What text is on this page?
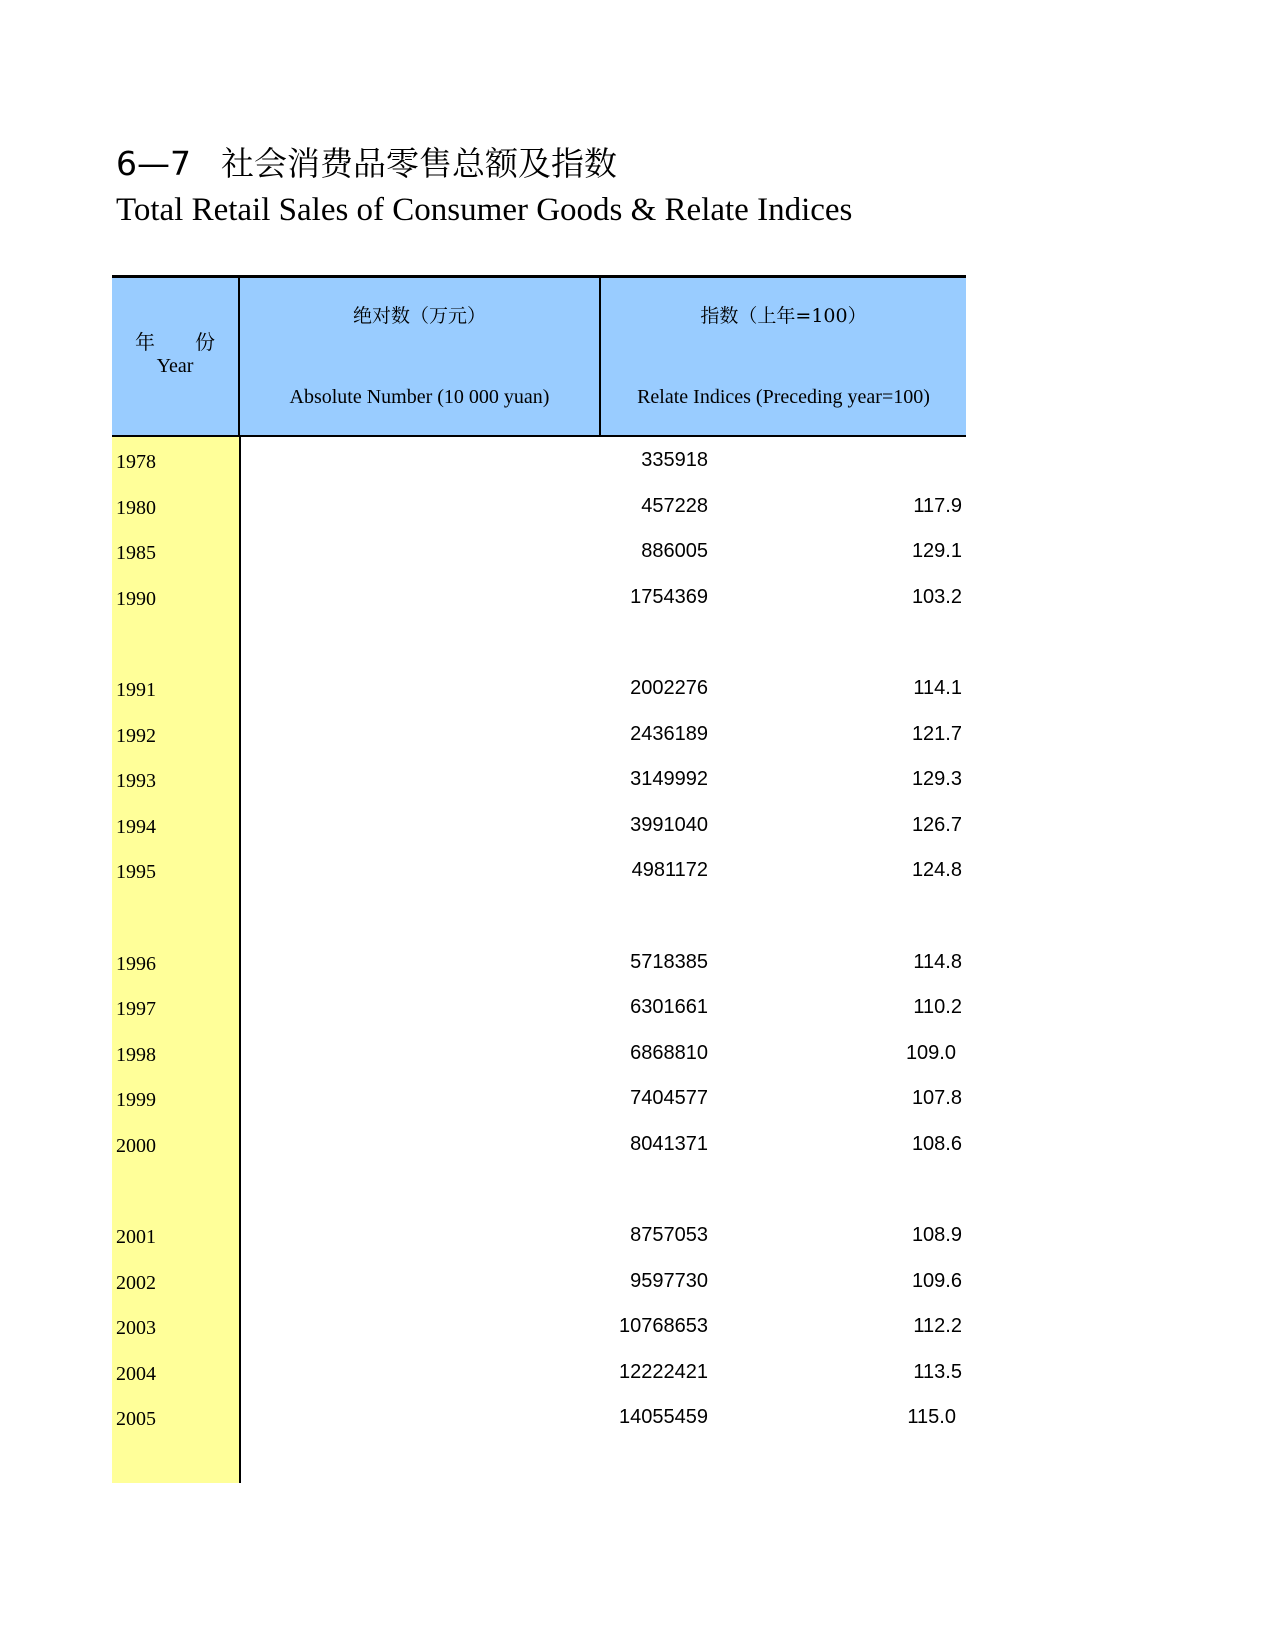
6—7 社会消费品零售总额及指数
Total Retail Sales of Consumer Goods & Relate Indices
年　　份
Year
绝对数（万元）
Absolute Number (10 000 yuan)
指数（上年=100）
Relate Indices (Preceding year=100)
1978	335918
1980	457228	117.9
1985	886005	129.1
1990	1754369	103.2
1991	2002276	114.1
1992	2436189	121.7
1993	3149992	129.3
1994	3991040	126.7
1995	4981172	124.8
1996	5718385	114.8
1997	6301661	110.2
1998	6868810	109.0
1999	7404577	107.8
2000	8041371	108.6
2001	8757053	108.9
2002	9597730	109.6
2003	10768653	112.2
2004	12222421	113.5
2005	14055459	115.0
